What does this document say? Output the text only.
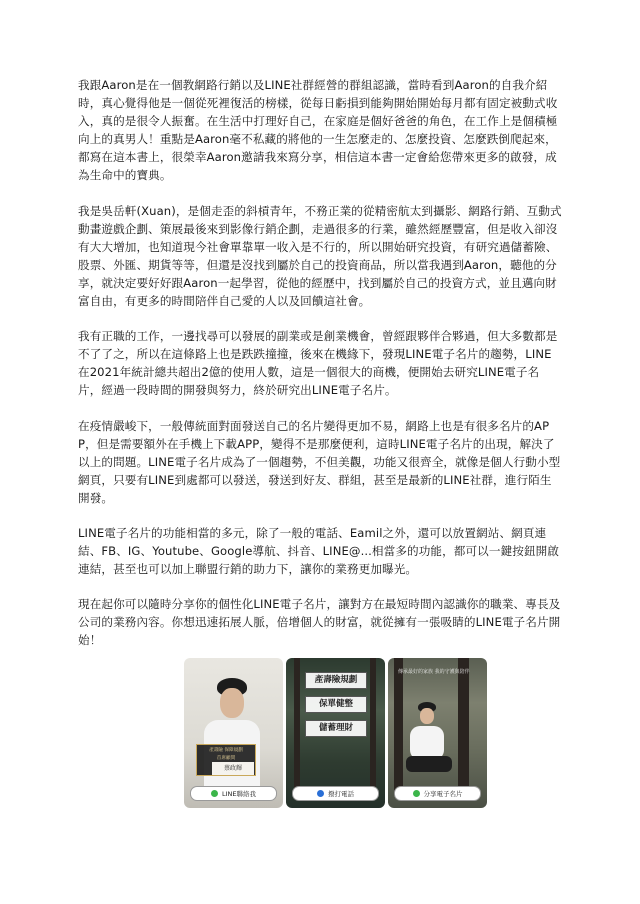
我跟Aaron是在一個教網路行銷以及LINE社群經營的群組認識，當時看到Aaron的自我介紹時，真心覺得他是一個從死裡復活的榜樣，從每日虧損到能夠開始開始每月都有固定被動式收入，真的是很令人振奮。在生活中打理好自己，在家庭是個好爸爸的角色，在工作上是個積極向上的真男人！重點是Aaron毫不私藏的將他的一生怎麼走的、怎麼投資、怎麼跌倒爬起來，都寫在這本書上，很榮幸Aaron邀請我來寫分享，相信這本書一定會給您帶來更多的啟發，成為生命中的寶典。

我是吳岳軒(Xuan)，是個走歪的斜槓青年，不務正業的從精密航太到攝影、網路行銷、互動式動畫遊戲企劃、策展最後來到影像行銷企劃，走過很多的行業，雖然經歷豐富，但是收入卻沒有大大增加，也知道現今社會單靠單一收入是不行的，所以開始研究投資，有研究過儲蓄險、股票、外匯、期貨等等，但還是沒找到屬於自己的投資商品，所以當我遇到Aaron，聽他的分享，就決定要好好跟Aaron一起學習，從他的經歷中，找到屬於自己的投資方式，並且邁向財富自由，有更多的時間陪伴自己愛的人以及回饋這社會。

我有正職的工作，一邊找尋可以發展的副業或是創業機會，曾經跟夥伴合夥過，但大多數都是不了了之，所以在這條路上也是跌跌撞撞，後來在機緣下，發現LINE電子名片的趨勢，LINE在2021年統計總共超出2億的使用人數，這是一個很大的商機，便開始去研究LINE電子名片，經過一段時間的開發與努力，終於研究出LINE電子名片。

在疫情嚴峻下，一般傳統面對面發送自己的名片變得更加不易，網路上也是有很多名片的APP，但是需要額外在手機上下載APP，變得不是那麼便利，這時LINE電子名片的出現，解決了以上的問題。LINE電子名片成為了一個趨勢，不但美觀，功能又很齊全，就像是個人行動小型網頁，只要有LINE到處都可以發送，發送到好友、群組，甚至是最新的LINE社群，進行陌生開發。

LINE電子名片的功能相當的多元，除了一般的電話、Eamil之外，還可以放置網站、網頁連結、FB、IG、Youtube、Google導航、抖音、LINE@...相當多的功能，都可以一鍵按鈕開啟連結，甚至也可以加上聯盟行銷的助力下，讓你的業務更加曝光。

現在起你可以隨時分享你的個性化LINE電子名片，讓對方在最短時間內認識你的職業、專長及公司的業務內容。你想迅速拓展人脈，倍增個人的財富，就從擁有一張吸睛的LINE電子名片開始！

產壽險 保障規劃
首席顧問
蔡政輝
LINE聯絡我
產壽險規劃
保單健整
儲蓄理財
撥打電話
傳承最好的家族 我的守護與陪伴
分享電子名片
